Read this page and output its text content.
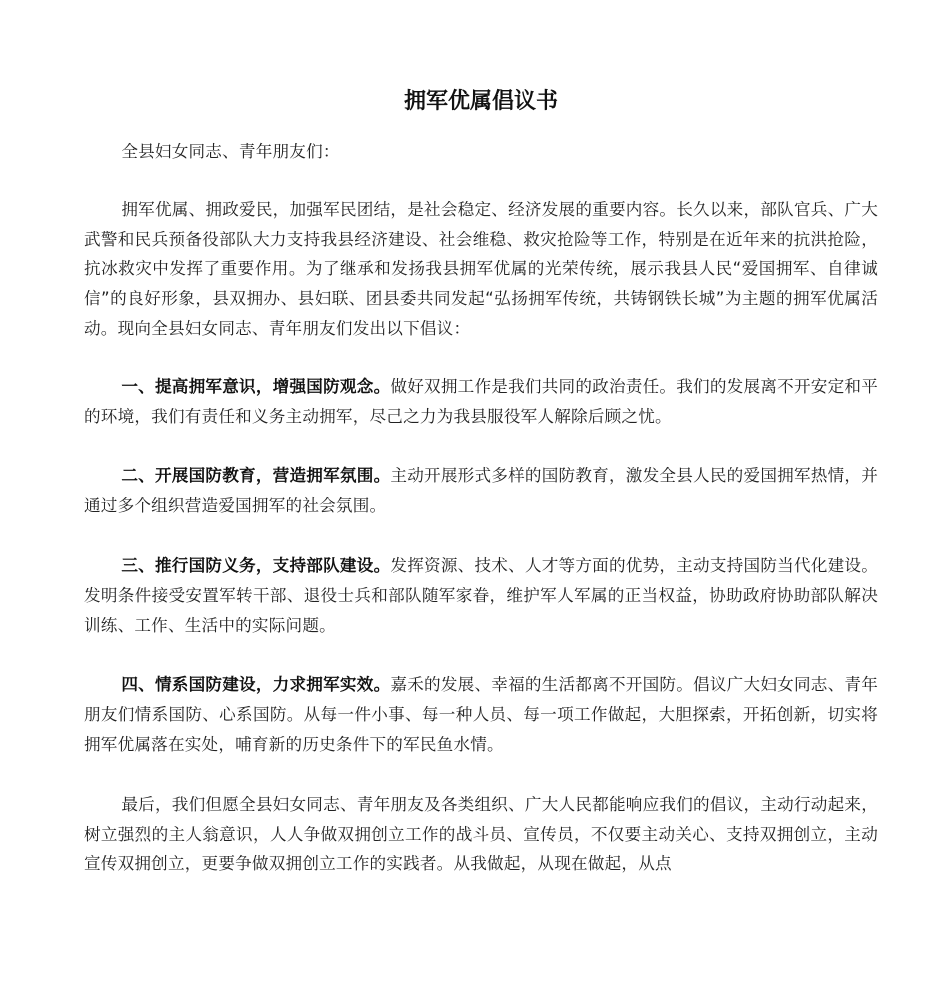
拥军优属倡议书

全县妇女同志、青年朋友们：

拥军优属、拥政爱民，加强军民团结，是社会稳定、经济发展的重要内容。长久以来，部队官兵、广大武警和民兵预备役部队大力支持我县经济建设、社会维稳、救灾抢险等工作，特别是在近年来的抗洪抢险，抗冰救灾中发挥了重要作用。为了继承和发扬我县拥军优属的光荣传统，展示我县人民“爱国拥军、自律诚信”的良好形象，县双拥办、县妇联、团县委共同发起“弘扬拥军传统，共铸钢铁长城”为主题的拥军优属活动。现向全县妇女同志、青年朋友们发出以下倡议：

一、提高拥军意识，增强国防观念。做好双拥工作是我们共同的政治责任。我们的发展离不开安定和平的环境，我们有责任和义务主动拥军，尽己之力为我县服役军人解除后顾之忧。

二、开展国防教育，营造拥军氛围。主动开展形式多样的国防教育，激发全县人民的爱国拥军热情，并通过多个组织营造爱国拥军的社会氛围。

三、推行国防义务，支持部队建设。发挥资源、技术、人才等方面的优势，主动支持国防当代化建设。发明条件接受安置军转干部、退役士兵和部队随军家眷，维护军人军属的正当权益，协助政府协助部队解决训练、工作、生活中的实际问题。

四、情系国防建设，力求拥军实效。嘉禾的发展、幸福的生活都离不开国防。倡议广大妇女同志、青年朋友们情系国防、心系国防。从每一件小事、每一种人员、每一项工作做起，大胆探索，开拓创新，切实将拥军优属落在实处，哺育新的历史条件下的军民鱼水情。

最后，我们但愿全县妇女同志、青年朋友及各类组织、广大人民都能响应我们的倡议，主动行动起来，树立强烈的主人翁意识，人人争做双拥创立工作的战斗员、宣传员，不仅要主动关心、支持双拥创立，主动宣传双拥创立，更要争做双拥创立工作的实践者。从我做起，从现在做起，从点
